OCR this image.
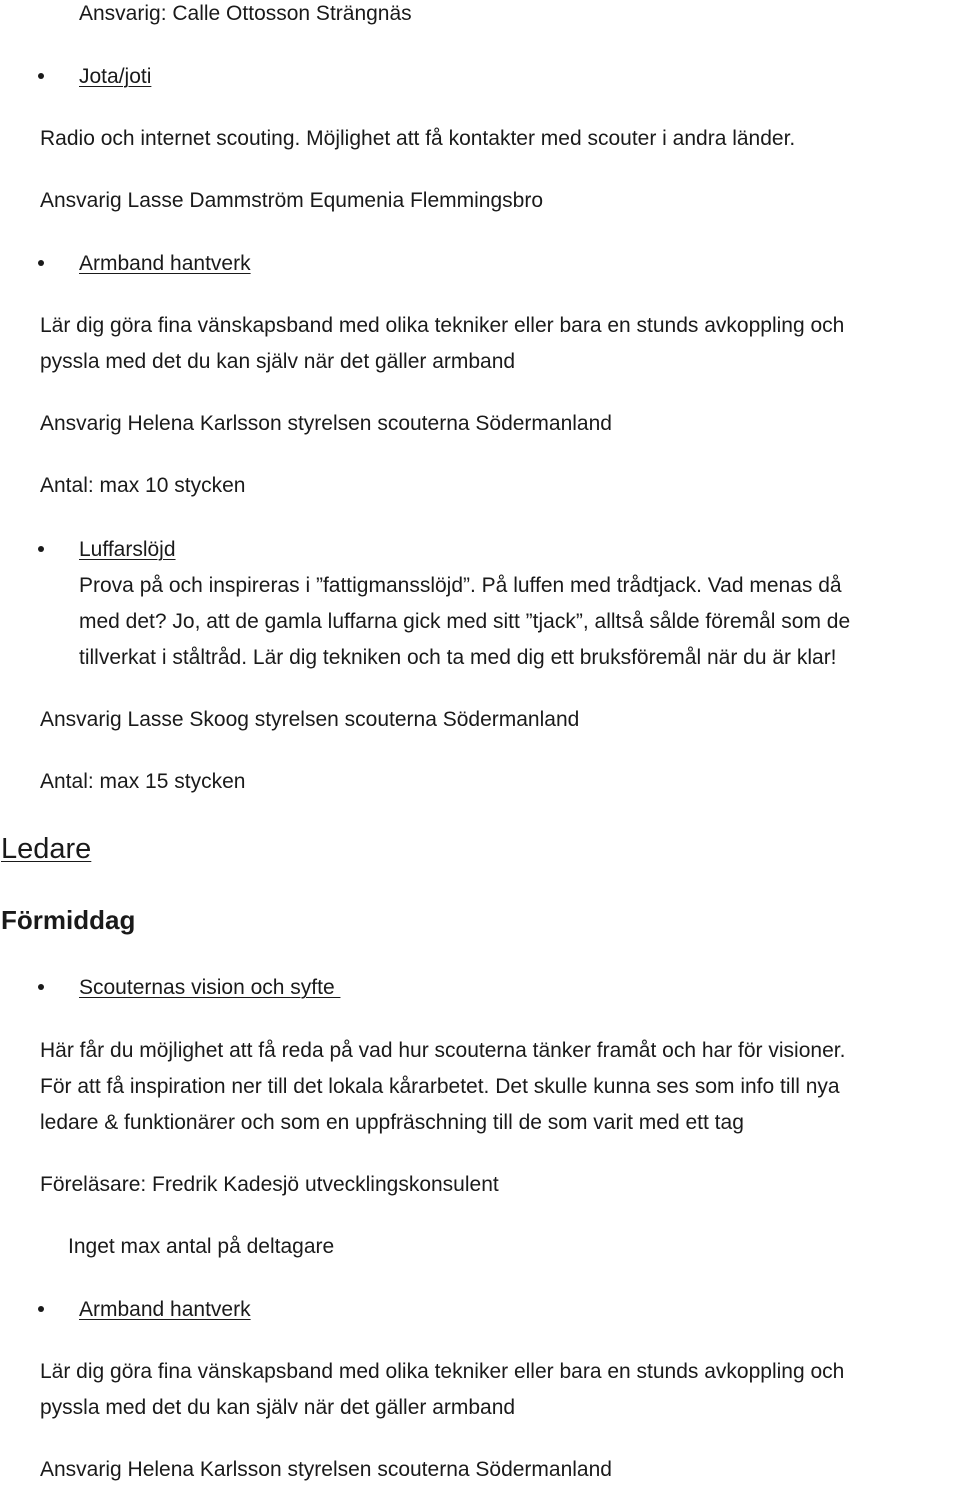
Ansvarig: Calle Ottosson Strängnäs
Jota/joti
Radio och internet scouting. Möjlighet att få kontakter med scouter i andra länder.
Ansvarig Lasse Dammström Equmenia Flemmingsbro
Armband hantverk
Lär dig göra fina vänskapsband med olika tekniker eller bara en stunds avkoppling och
pyssla med det du kan själv när det gäller armband
Ansvarig Helena Karlsson styrelsen scouterna Södermanland
Antal: max 10 stycken
Luffarslöjd
Prova på och inspireras i ”fattigmansslöjd”. På luffen med trådtjack. Vad menas då
med det? Jo, att de gamla luffarna gick med sitt ”tjack”, alltså sålde föremål som de
tillverkat i ståltråd. Lär dig tekniken och ta med dig ett bruksföremål när du är klar!
Ansvarig Lasse Skoog styrelsen scouterna Södermanland
Antal: max 15 stycken
Ledare
Förmiddag
Scouternas vision och syfte
Här får du möjlighet att få reda på vad hur scouterna tänker framåt och har för visioner.
För att få inspiration ner till det lokala kårarbetet. Det skulle kunna ses som info till nya
ledare & funktionärer och som en uppfräschning till de som varit med ett tag
Föreläsare: Fredrik Kadesjö utvecklingskonsulent
Inget max antal på deltagare
Armband hantverk
Lär dig göra fina vänskapsband med olika tekniker eller bara en stunds avkoppling och
pyssla med det du kan själv när det gäller armband
Ansvarig Helena Karlsson styrelsen scouterna Södermanland
